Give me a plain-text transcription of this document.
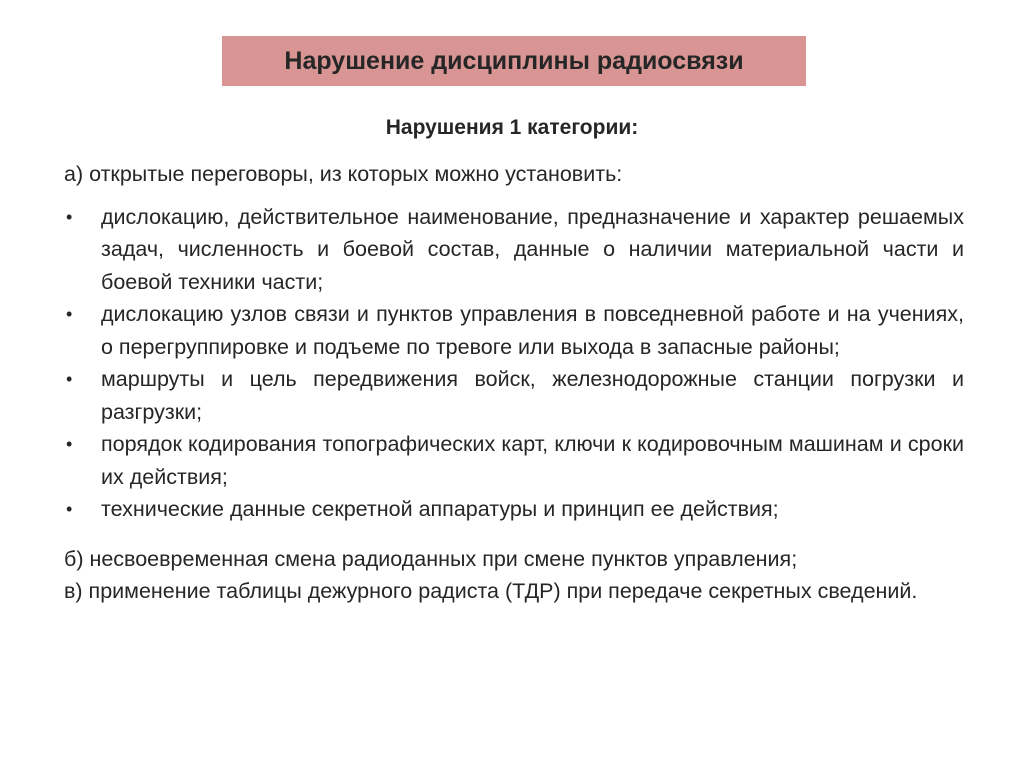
Нарушение дисциплины радиосвязи
Нарушения 1 категории:

а) открытые переговоры, из которых можно установить:

• дислокацию, действительное наименование, предназначение и характер решаемых задач, численность и боевой состав, данные о наличии материальной части и боевой техники части;
• дислокацию узлов связи и пунктов управления в повседневной работе и на учениях, о перегруппировке и подъеме по тревоге или выхода в запасные районы;
• маршруты и цель передвижения войск, железнодорожные станции погрузки и разгрузки;
• порядок кодирования топографических карт, ключи к кодировочным машинам и сроки их действия;
• технические данные секретной аппаратуры и принцип ее действия;

б) несвоевременная смена радиоданных при смене пунктов управления;

в) применение таблицы дежурного радиста (ТДР) при передаче секретных сведений.
